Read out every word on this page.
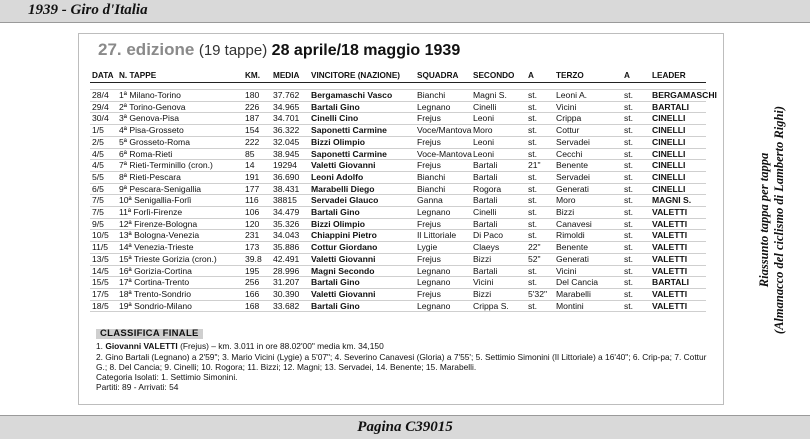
1939 - Giro d'Italia
27. edizione (19 tappe) 28 aprile/18 maggio 1939
DATA	N. TAPPE	KM.	MEDIA	VINCITORE (NAZIONE)	SQUADRA	SECONDO	A	TERZO	A	LEADER

28/4	1ª Milano-Torino	180	37.762	Bergamaschi Vasco	Bianchi	Magni S.	st.	Leoni A.	st.	BERGAMASCHI
29/4	2ª Torino-Genova	226	34.965	Bartali Gino	Legnano	Cinelli	st.	Vicini	st.	BARTALI
30/4	3ª Genova-Pisa	187	34.701	Cinelli Cino	Frejus	Leoni	st.	Crippa	st.	CINELLI
1/5	4ª Pisa-Grosseto	154	36.322	Saponetti Carmine	Voce/Mantova	Moro	st.	Cottur	st.	CINELLI
2/5	5ª Grosseto-Roma	222	32.045	Bizzi Olimpio	Frejus	Leoni	st.	Servadei	st.	CINELLI
4/5	6ª Roma-Rieti	85	38.945	Saponetti Carmine	Voce-Mantova	Leoni	st.	Cecchi	st.	CINELLI
4/5	7ª Rieti-Terminillo (cron.)	14	19294	Valetti Giovanni	Frejus	Bartali	21"	Benente	st.	CINELLI
5/5	8ª Rieti-Pescara	191	36.690	Leoni Adolfo	Bianchi	Bartali	st.	Servadei	st.	CINELLI
6/5	9ª Pescara-Senigallia	177	38.431	Marabelli Diego	Bianchi	Rogora	st.	Generati	st.	CINELLI
7/5	10ª Senigallia-Forlì	116	38815	Servadei Glauco	Ganna	Bartali	st.	Moro	st.	MAGNI S.
7/5	11ª Forlì-Firenze	106	34.479	Bartali Gino	Legnano	Cinelli	st.	Bizzi	st.	VALETTI
9/5	12ª Firenze-Bologna	120	35.326	Bizzi Olimpio	Frejus	Bartali	st.	Canavesi	st.	VALETTI
10/5	13ª Bologna-Venezia	231	34.043	Chiappini Pietro	Il Littoriale	Di Paco	st.	Rimoldi	st.	VALETTI
11/5	14ª Venezia-Trieste	173	35.886	Cottur Giordano	Lygie	Claeys	22"	Benente	st.	VALETTI
13/5	15ª Trieste Gorizia (cron.)	39.8	42.491	Valetti Giovanni	Frejus	Bizzi	52"	Generati	st.	VALETTI
14/5	16ª Gorizia-Cortina	195	28.996	Magni Secondo	Legnano	Bartali	st.	Vicini	st.	VALETTI
15/5	17ª Cortina-Trento	256	31.207	Bartali Gino	Legnano	Vicini	st.	Del Cancia	st.	BARTALI
17/5	18ª Trento-Sondrio	166	30.390	Valetti Giovanni	Frejus	Bizzi	5'32"	Marabelli	st.	VALETTI
18/5	19ª Sondrio-Milano	168	33.682	Bartali Gino	Legnano	Crippa S.	st.	Montini	st.	VALETTI
CLASSIFICA FINALE

1. Giovanni VALETTI (Frejus) – km. 3.011 in ore 88.02'00" media km. 34,150

2. Gino Bartali (Legnano) a 2'59"; 3. Mario Vicini (Lygie) a 5'07"; 4. Severino Canavesi (Gloria) a 7'55'; 5. Settimio Simonini (Il Littoriale) a 16'40"; 6. Crip-pa; 7. Cottur G.; 8. Del Cancia; 9. Cinelli; 10. Rogora; 11. Bizzi; 12. Magni; 13. Servadei, 14. Benente; 15. Marabelli.

Categoria Isolati: 1. Settimio Simonini.

Partiti: 89 - Arrivati: 54

Riassunto tappa per tappa (Almanacco del ciclismo di Lamberto Righi)
Pagina C39015
